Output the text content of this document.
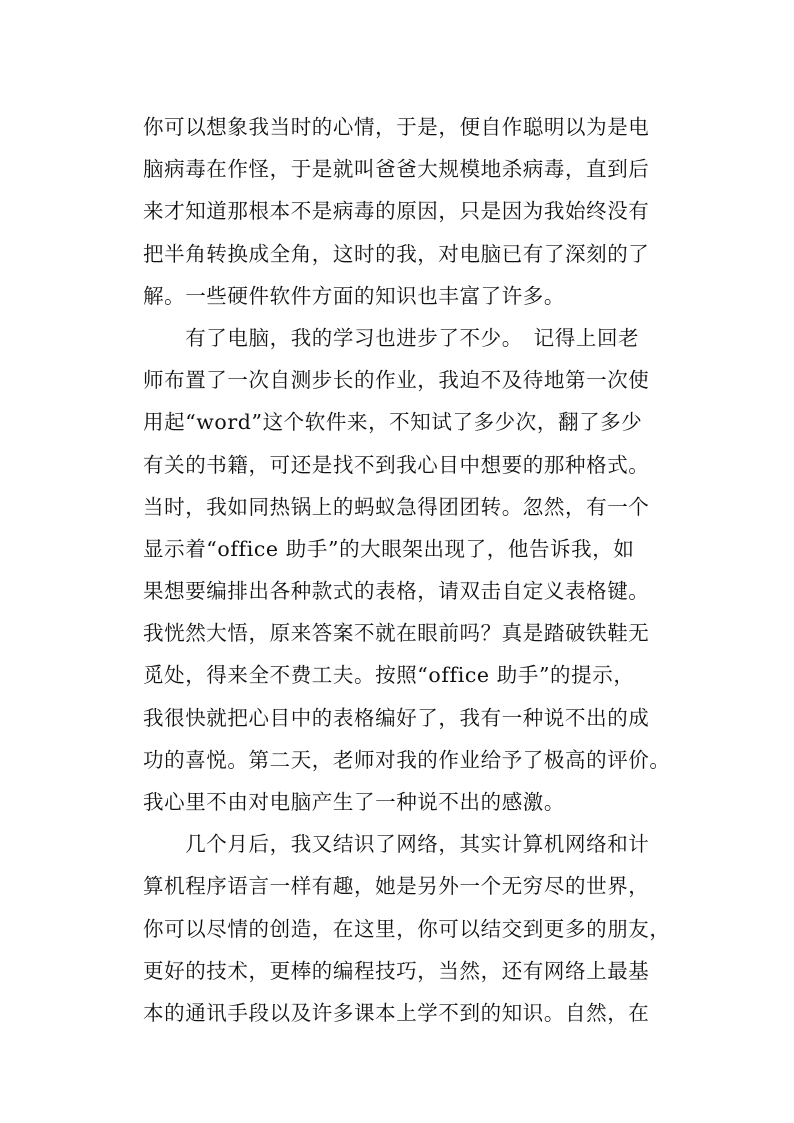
你可以想象我当时的心情，于是，便自作聪明以为是电
脑病毒在作怪，于是就叫爸爸大规模地杀病毒，直到后
来才知道那根本不是病毒的原因，只是因为我始终没有
把半角转换成全角，这时的我，对电脑已有了深刻的了
解。一些硬件软件方面的知识也丰富了许多。
　　有了电脑，我的学习也进步了不少。　记得上回老
师布置了一次自测步长的作业，我迫不及待地第一次使
用起“word”这个软件来，不知试了多少次，翻了多少
有关的书籍，可还是找不到我心目中想要的那种格式。
当时，我如同热锅上的蚂蚁急得团团转。忽然，有一个
显示着“office 助手”的大眼架出现了，他告诉我，如
果想要编排出各种款式的表格，请双击自定义表格键。
我恍然大悟，原来答案不就在眼前吗？真是踏破铁鞋无
觅处，得来全不费工夫。按照“office 助手”的提示，
我很快就把心目中的表格编好了，我有一种说不出的成
功的喜悦。第二天，老师对我的作业给予了极高的评价。
我心里不由对电脑产生了一种说不出的感激。
　　几个月后，我又结识了网络，其实计算机网络和计
算机程序语言一样有趣，她是另外一个无穷尽的世界，
你可以尽情的创造，在这里，你可以结交到更多的朋友，
更好的技术，更棒的编程技巧，当然，还有网络上最基
本的通讯手段以及许多课本上学不到的知识。自然，在
